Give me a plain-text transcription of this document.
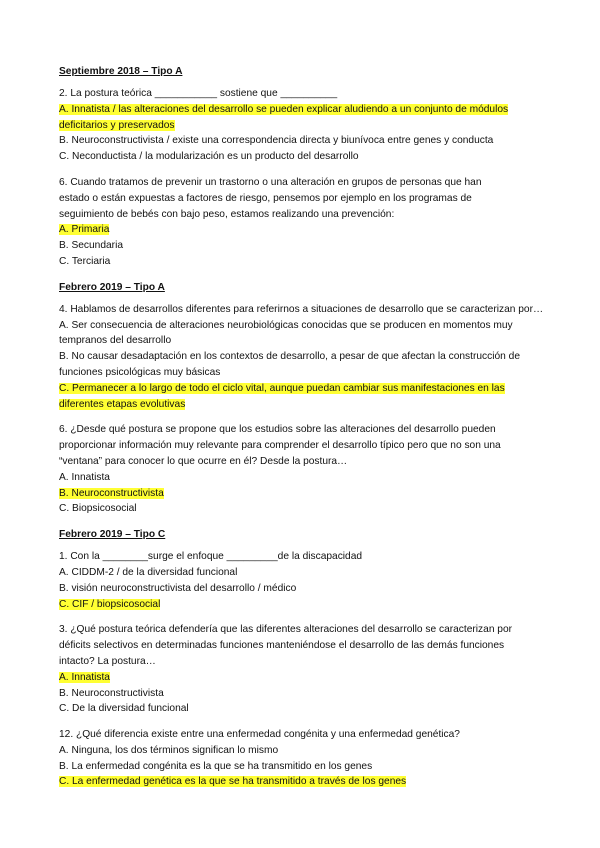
Septiembre 2018 – Tipo A

2. La postura teórica ___________ sostiene que __________

A. Innatista / las alteraciones del desarrollo se pueden explicar aludiendo a un conjunto de módulos

deficitarios y preservados

B. Neuroconstructivista / existe una correspondencia directa y biunívoca entre genes y conducta

C. Neconductista / la modularización es un producto del desarrollo

6. Cuando tratamos de prevenir un trastorno o una alteración en grupos de personas que han

estado o están expuestas a factores de riesgo, pensemos por ejemplo en los programas de

seguimiento de bebés con bajo peso, estamos realizando una prevención:

A. Primaria

B. Secundaria

C. Terciaria

Febrero 2019 – Tipo A

4. Hablamos de desarrollos diferentes para referirnos a situaciones de desarrollo que se caracterizan por…

A. Ser consecuencia de alteraciones neurobiológicas conocidas que se producen en momentos muy

tempranos del desarrollo

B. No causar desadaptación en los contextos de desarrollo, a pesar de que afectan la construcción de

funciones psicológicas muy básicas

C. Permanecer a lo largo de todo el ciclo vital, aunque puedan cambiar sus manifestaciones en las

diferentes etapas evolutivas

6. ¿Desde qué postura se propone que los estudios sobre las alteraciones del desarrollo pueden

proporcionar información muy relevante para comprender el desarrollo típico pero que no son una

“ventana” para conocer lo que ocurre en él? Desde la postura…

A. Innatista

B. Neuroconstructivista

C. Biopsicosocial

Febrero 2019 – Tipo C

1. Con la ________surge el enfoque _________de la discapacidad

A. CIDDM-2 / de la diversidad funcional

B. visión neuroconstructivista del desarrollo / médico

C. CIF / biopsicosocial

3. ¿Qué postura teórica defendería que las diferentes alteraciones del desarrollo se caracterizan por

déficits selectivos en determinadas funciones manteniéndose el desarrollo de las demás funciones

intacto? La postura…

A. Innatista

B. Neuroconstructivista

C. De la diversidad funcional

12. ¿Qué diferencia existe entre una enfermedad congénita y una enfermedad genética?

A. Ninguna, los dos términos significan lo mismo

B. La enfermedad congénita es la que se ha transmitido en los genes

C. La enfermedad genética es la que se ha transmitido a través de los genes
